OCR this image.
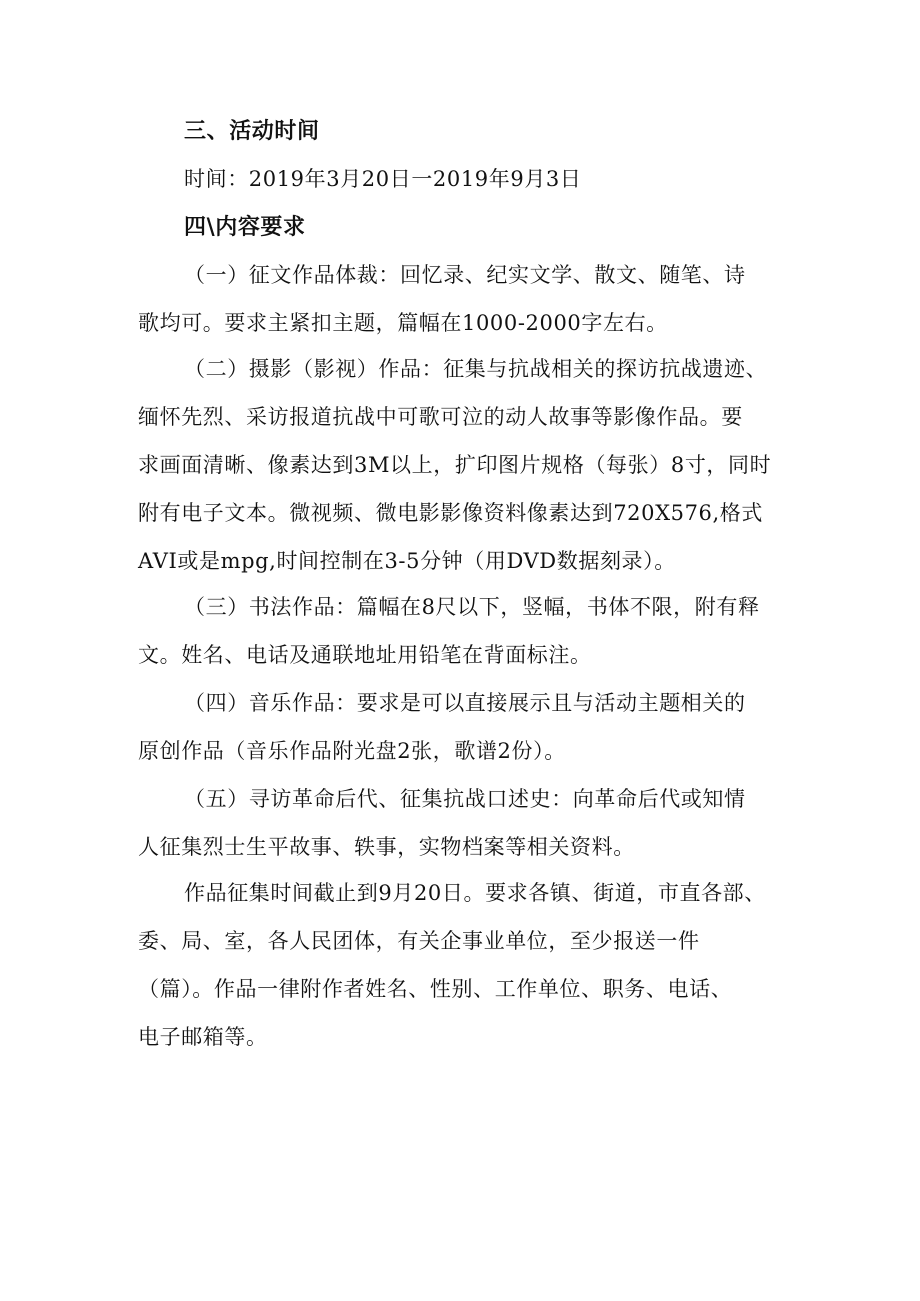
三、活动时间
时间：2019年3月20日一2019年9月3日
四\内容要求
（一）征文作品体裁：回忆录、纪实文学、散文、随笔、诗
歌均可。要求主紧扣主题，篇幅在1000-2000字左右。
（二）摄影（影视）作品：征集与抗战相关的探访抗战遗迹、
缅怀先烈、采访报道抗战中可歌可泣的动人故事等影像作品。要
求画面清晰、像素达到3M以上，扩印图片规格（每张）8寸，同时
附有电子文本。微视频、微电影影像资料像素达到720X576,格式
AVI或是mpg,时间控制在3-5分钟（用DVD数据刻录）。
（三）书法作品：篇幅在8尺以下，竖幅，书体不限，附有释
文。姓名、电话及通联地址用铅笔在背面标注。
（四）音乐作品：要求是可以直接展示且与活动主题相关的
原创作品（音乐作品附光盘2张，歌谱2份）。
（五）寻访革命后代、征集抗战口述史：向革命后代或知情
人征集烈士生平故事、轶事，实物档案等相关资料。
作品征集时间截止到9月20日。要求各镇、街道，市直各部、
委、局、室，各人民团体，有关企事业单位，至少报送一件
（篇）。作品一律附作者姓名、性别、工作单位、职务、电话、
电子邮箱等。
